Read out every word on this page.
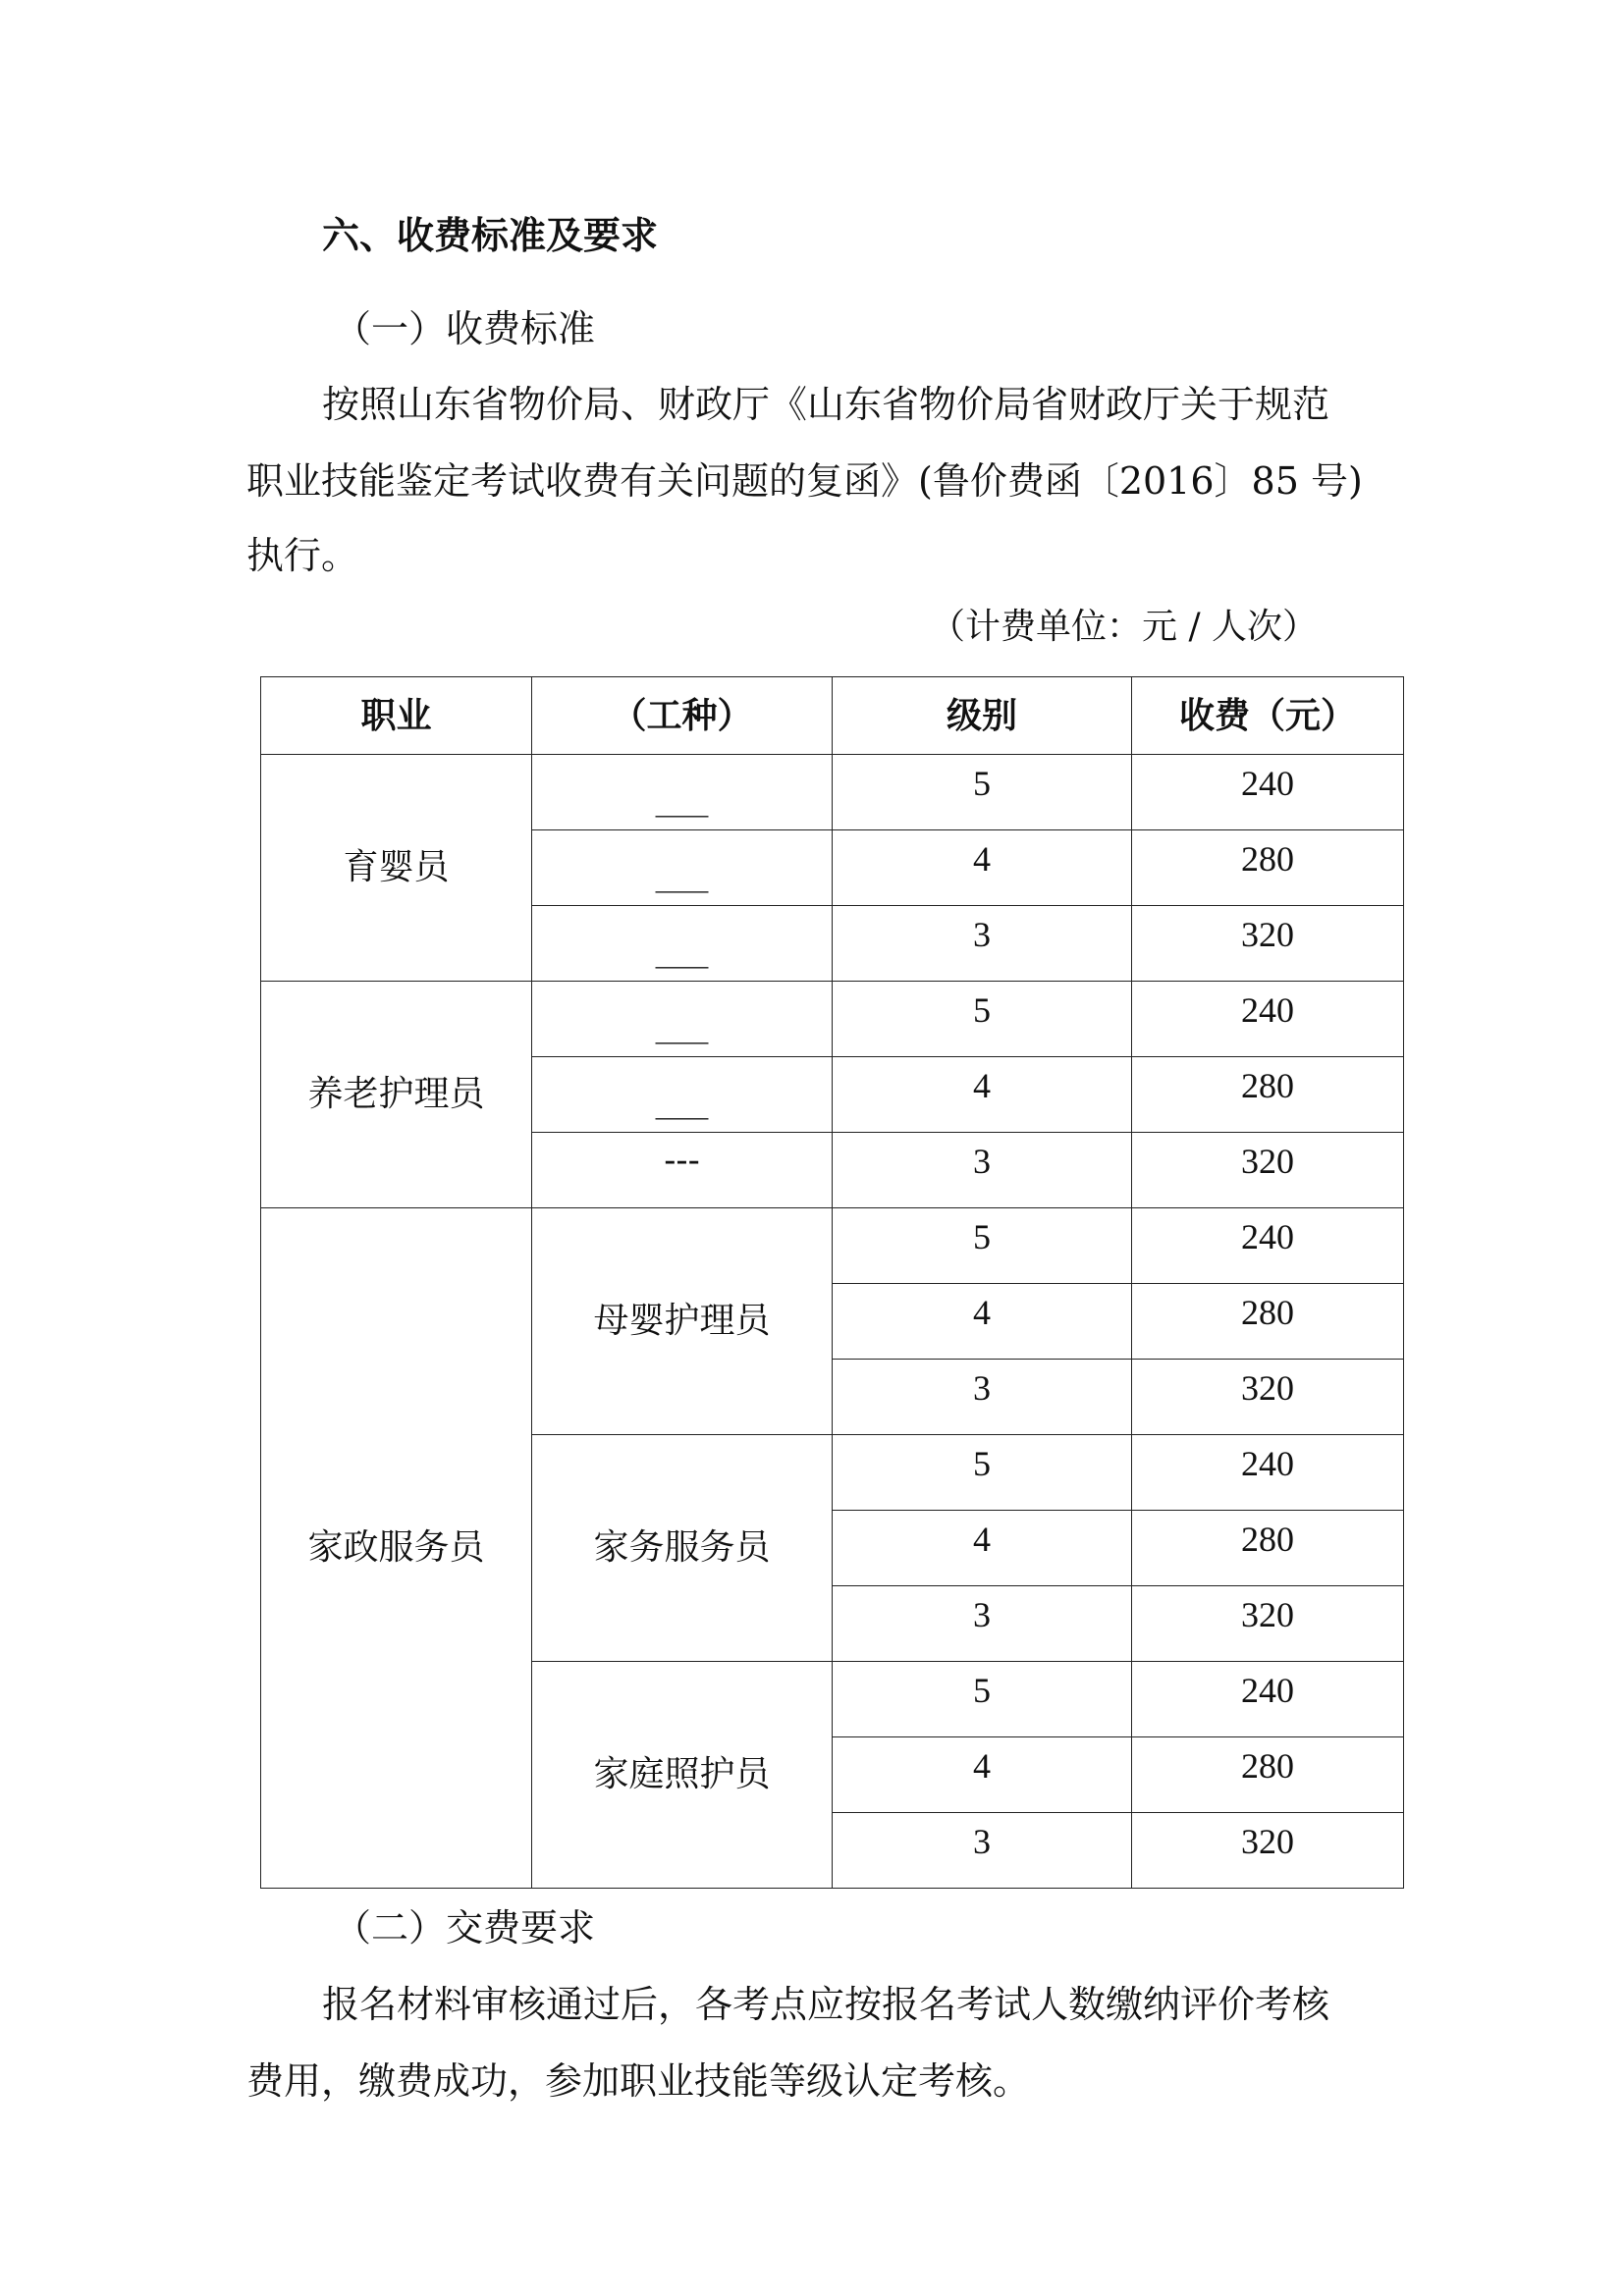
六、收费标准及要求
（一）收费标准
按照山东省物价局、财政厅《山东省物价局省财政厅关于规范
职业技能鉴定考试收费有关问题的复函》(鲁价费函〔2016〕85 号)
执行。
（计费单位：元 / 人次）
职业	（工种）	级别	收费（元）
育婴员	___	5	240
	___	4	280
	___	3	320
养老护理员	___	5	240
	___	4	280
	---	3	320
家政服务员	母婴护理员	5	240
		4	280
		3	320
	家务服务员	5	240
		4	280
		3	320
	家庭照护员	5	240
		4	280
		3	320
（二）交费要求
报名材料审核通过后，各考点应按报名考试人数缴纳评价考核
费用，缴费成功，参加职业技能等级认定考核。
